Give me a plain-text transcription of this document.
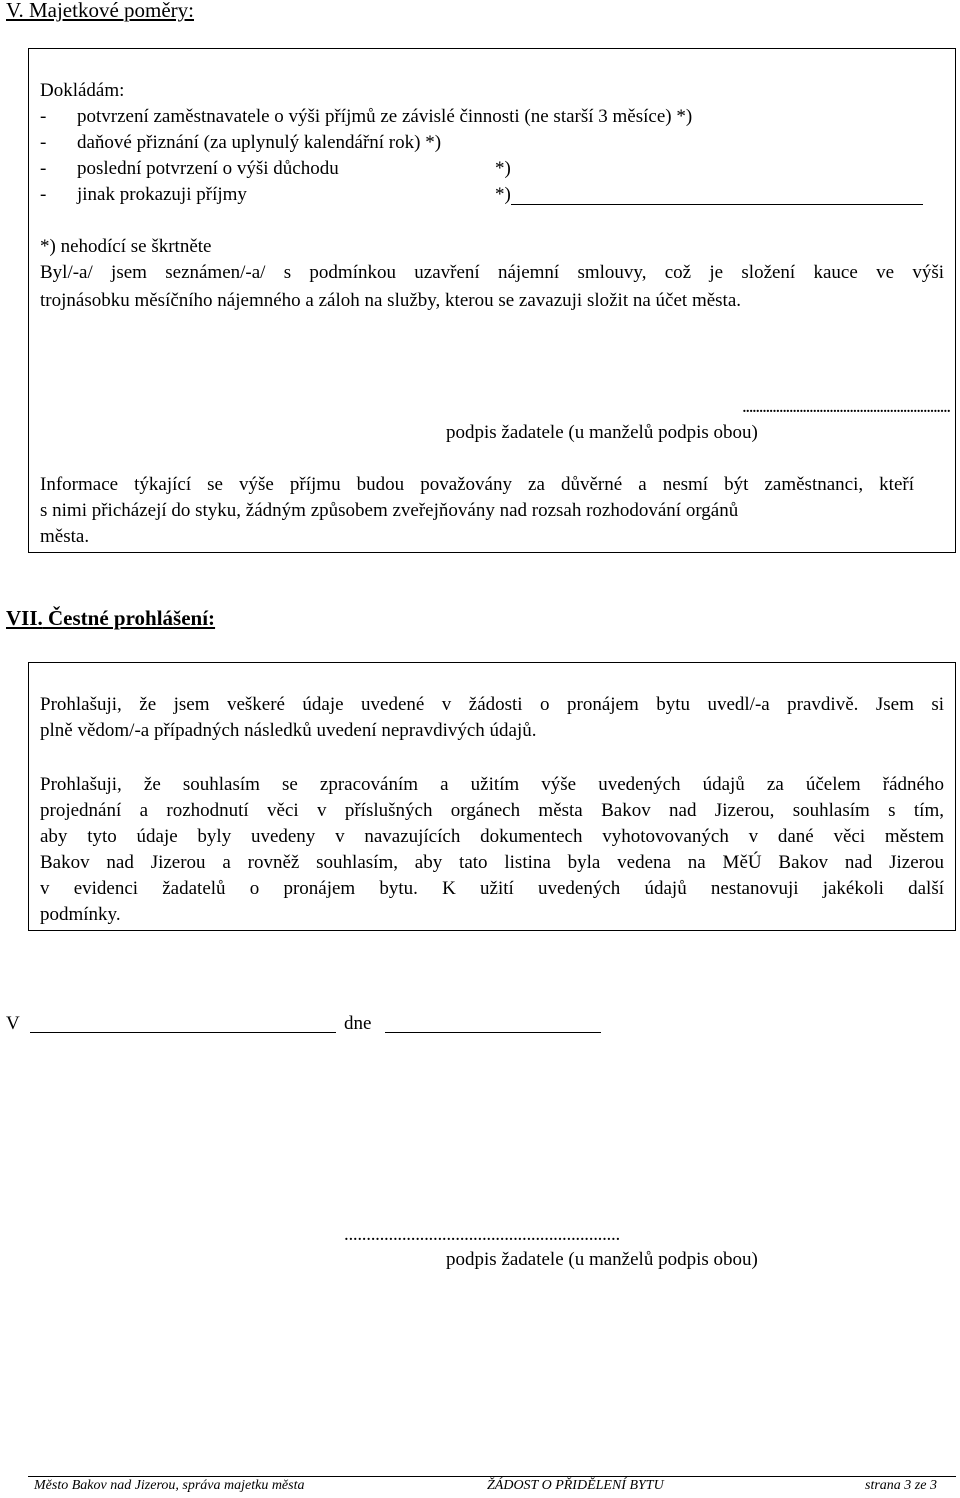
V. Majetkové poměry:
Dokládám:
- potvrzení zaměstnavatele o výši příjmů ze závislé činnosti (ne starší 3 měsíce) *)
- daňové přiznání (za uplynulý kalendářní rok) *)
- poslední potvrzení o výši důchodu	*)
- jinak prokazuji příjmy	*)
*) nehodící se škrtněte
Byl/-a/ jsem seznámen/-a/ s podmínkou uzavření nájemní smlouvy, což je složení kauce ve výši
trojnásobku měsíčního nájemného a záloh na služby, kterou se zavazuji složit na účet města.
..............................................................
podpis žadatele (u manželů podpis obou)
Informace týkající se výše příjmu budou považovány za důvěrné a nesmí být zaměstnanci, kteří
s nimi přicházejí do styku, žádným způsobem zveřejňovány nad rozsah rozhodování orgánů
města.
VII. Čestné prohlášení:
Prohlašuji, že jsem veškeré údaje uvedené v žádosti o pronájem bytu uvedl/-a pravdivě. Jsem si
plně vědom/-a případných následků uvedení nepravdivých údajů.
Prohlašuji, že souhlasím se zpracováním a užitím výše uvedených údajů za účelem řádného
projednání a rozhodnutí věci v příslušných orgánech města Bakov nad Jizerou, souhlasím s tím,
aby tyto údaje byly uvedeny v navazujících dokumentech vyhotovovaných v dané věci městem
Bakov nad Jizerou a rovněž souhlasím, aby tato listina byla vedena na MěÚ Bakov nad Jizerou
v evidenci žadatelů o pronájem bytu. K užití uvedených údajů nestanovuji jakékoli další
podmínky.
V	dne
..............................................................
podpis žadatele (u manželů podpis obou)
Město Bakov nad Jizerou, správa majetku města	ŽÁDOST O PŘIDĚLENÍ BYTU	strana 3 ze 3
